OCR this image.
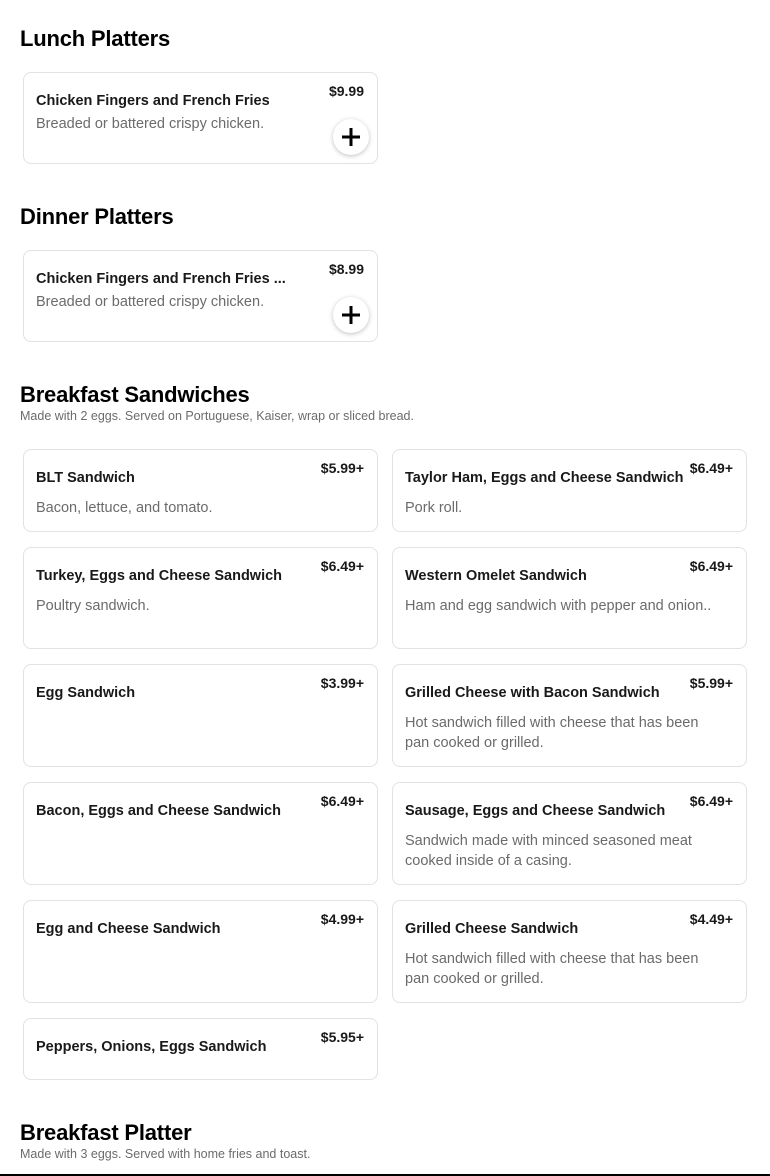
Lunch Platters
Chicken Fingers and French Fries
$9.99
Breaded or battered crispy chicken.
Dinner Platters
Chicken Fingers and French Fries ...
$8.99
Breaded or battered crispy chicken.
Breakfast Sandwiches
Made with 2 eggs. Served on Portuguese, Kaiser, wrap or sliced bread.
BLT Sandwich
$5.99+
Bacon, lettuce, and tomato.
Taylor Ham, Eggs and Cheese Sandwich
$6.49+
Pork roll.
Turkey, Eggs and Cheese Sandwich
$6.49+
Poultry sandwich.
Western Omelet Sandwich
$6.49+
Ham and egg sandwich with pepper and onion..
Egg Sandwich
$3.99+
Grilled Cheese with Bacon Sandwich
$5.99+
Hot sandwich filled with cheese that has been pan cooked or grilled.
Bacon, Eggs and Cheese Sandwich
$6.49+
Sausage, Eggs and Cheese Sandwich
$6.49+
Sandwich made with minced seasoned meat cooked inside of a casing.
Egg and Cheese Sandwich
$4.99+
Grilled Cheese Sandwich
$4.49+
Hot sandwich filled with cheese that has been pan cooked or grilled.
Peppers, Onions, Eggs Sandwich
$5.95+
Breakfast Platter
Made with 3 eggs. Served with home fries and toast.
